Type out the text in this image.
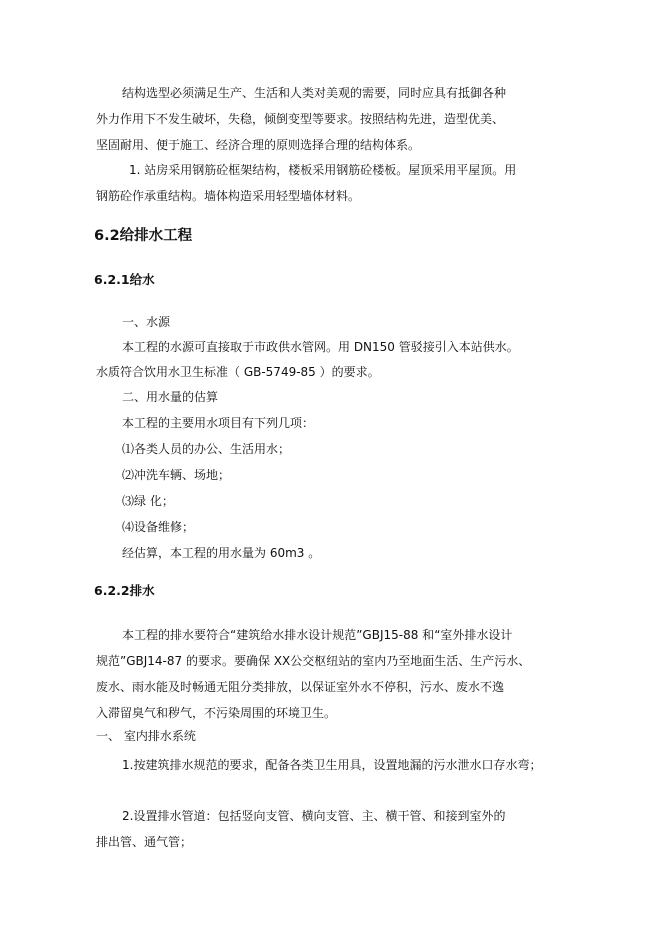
结构选型必须满足生产、生活和人类对美观的需要，同时应具有抵御各种
外力作用下不发生破坏，失稳，倾倒变型等要求。按照结构先进，造型优美、
坚固耐用、便于施工、经济合理的原则选择合理的结构体系。
1. 站房采用钢筋砼框架结构，楼板采用钢筋砼楼板。屋顶采用平屋顶。用
钢筋砼作承重结构。墙体构造采用轻型墙体材料。
6.2给排水工程
6.2.1给水
一、水源
本工程的水源可直接取于市政供水管网。用 DN150 管驳接引入本站供水。
水质符合饮用水卫生标准（ GB-5749-85 ）的要求。
二、用水量的估算
本工程的主要用水项目有下列几项：
⑴各类人员的办公、生活用水；
⑵冲洗车辆、场地；
⑶绿 化；
⑷设备维修；
经估算，本工程的用水量为 60m3 。
6.2.2排水
本工程的排水要符合“建筑给水排水设计规范”GBJ15-88 和“室外排水设计
规范”GBJ14-87 的要求。要确保 XX公交枢纽站的室内乃至地面生活、生产污水、
废水、雨水能及时畅通无阻分类排放，以保证室外水不停积，污水、废水不逸
入滞留臭气和秽气，不污染周围的环境卫生。
一、 室内排水系统
1.按建筑排水规范的要求，配备各类卫生用具，设置地漏的污水泄水口存水弯；
2.设置排水管道：包括竖向支管、横向支管、主、横干管、和接到室外的
排出管、通气管；
